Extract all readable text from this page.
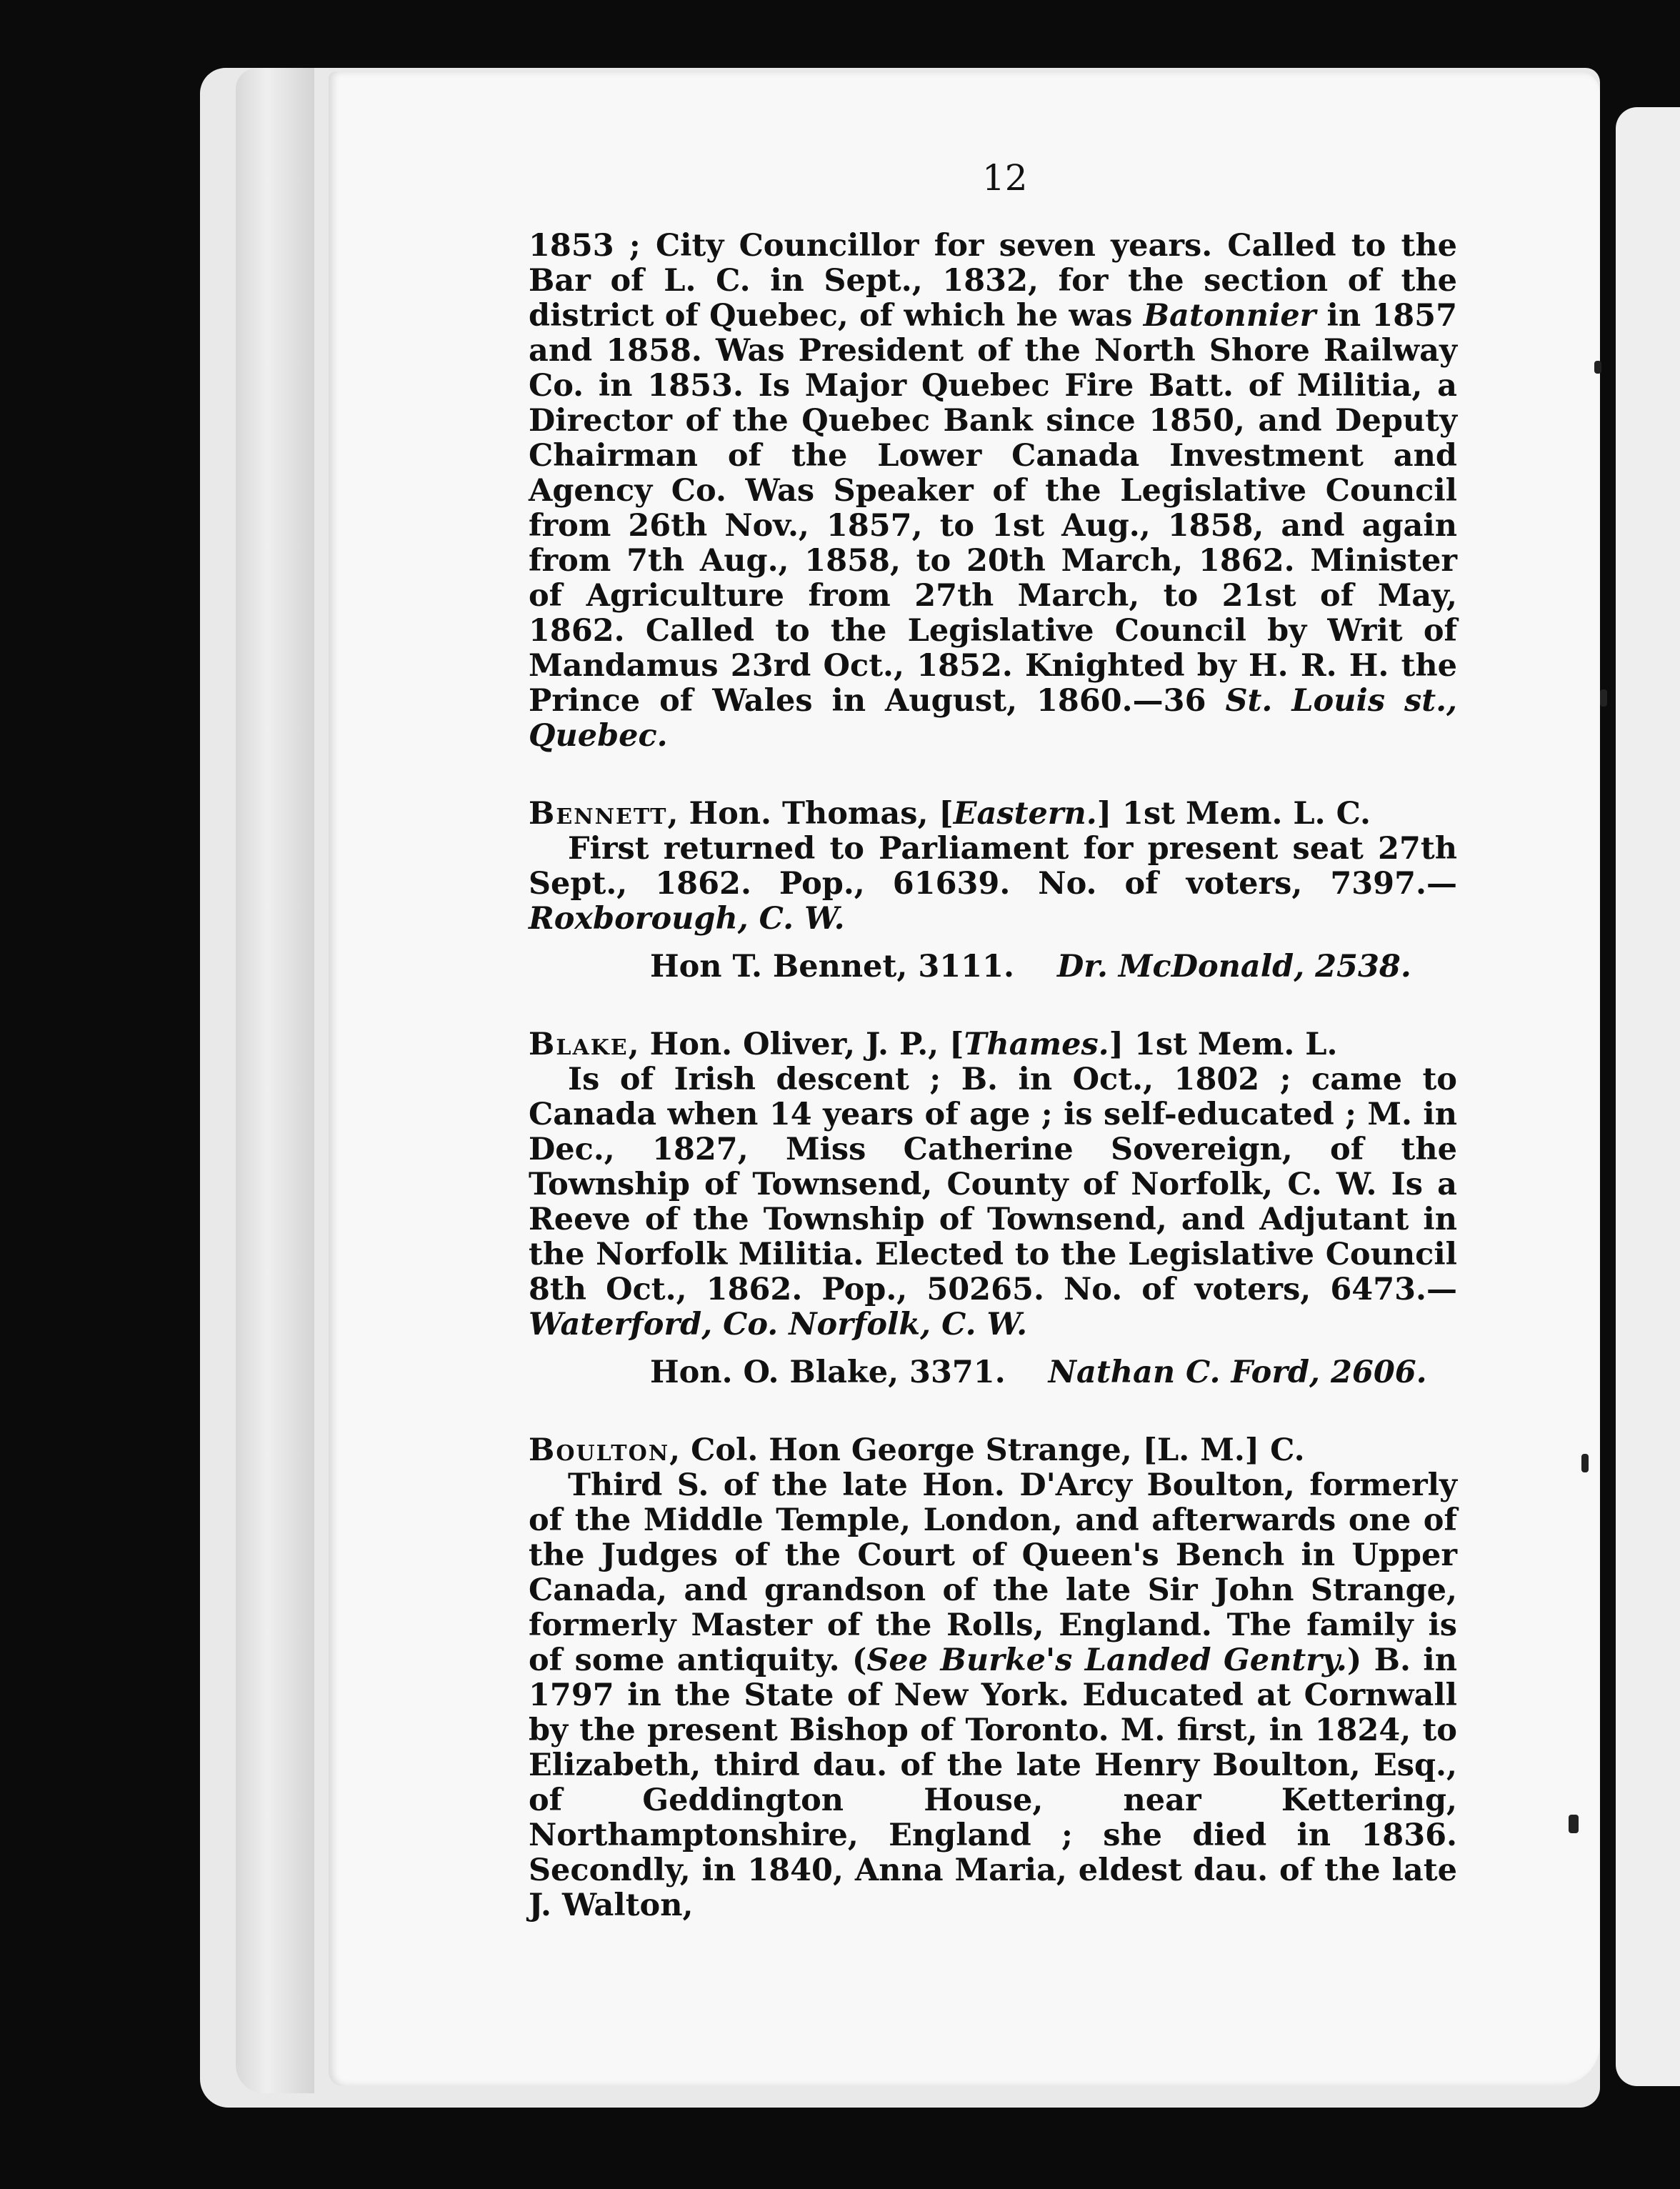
12

1853 ; City Councillor for seven years. Called to the Bar of L. C. in Sept., 1832, for the section of the district of Quebec, of which he was Batonnier in 1857 and 1858. Was President of the North Shore Railway Co. in 1853. Is Major Quebec Fire Batt. of Militia, a Director of the Quebec Bank since 1850, and Deputy Chairman of the Lower Canada Investment and Agency Co. Was Speaker of the Legislative Council from 26th Nov., 1857, to 1st Aug., 1858, and again from 7th Aug., 1858, to 20th March, 1862. Minister of Agriculture from 27th March, to 21st of May, 1862. Called to the Legislative Council by Writ of Mandamus 23rd Oct., 1852. Knighted by H. R. H. the Prince of Wales in August, 1860.—36 St. Louis st., Quebec.

Bennett, Hon. Thomas, [Eastern.] 1st Mem. L. C.

First returned to Parliament for present seat 27th Sept., 1862. Pop., 61639. No. of voters, 7397.—Roxborough, C. W.

Hon T. Bennet, 3111. Dr. McDonald, 2538.

Blake, Hon. Oliver, J. P., [Thames.] 1st Mem. L.

Is of Irish descent ; B. in Oct., 1802 ; came to Canada when 14 years of age ; is self-educated ; M. in Dec., 1827, Miss Catherine Sovereign, of the Township of Townsend, County of Norfolk, C. W. Is a Reeve of the Township of Townsend, and Adjutant in the Norfolk Militia. Elected to the Legislative Council 8th Oct., 1862. Pop., 50265. No. of voters, 6473.—Waterford, Co. Norfolk, C. W.

Hon. O. Blake, 3371. Nathan C. Ford, 2606.

Boulton, Col. Hon George Strange, [L. M.] C.

Third S. of the late Hon. D'Arcy Boulton, formerly of the Middle Temple, London, and afterwards one of the Judges of the Court of Queen's Bench in Upper Canada, and grandson of the late Sir John Strange, formerly Master of the Rolls, England. The family is of some antiquity. (See Burke's Landed Gentry.) B. in 1797 in the State of New York. Educated at Cornwall by the present Bishop of Toronto. M. first, in 1824, to Elizabeth, third dau. of the late Henry Boulton, Esq., of Geddington House, near Kettering, Northamptonshire, England ; she died in 1836. Secondly, in 1840, Anna Maria, eldest dau. of the late J. Walton,
